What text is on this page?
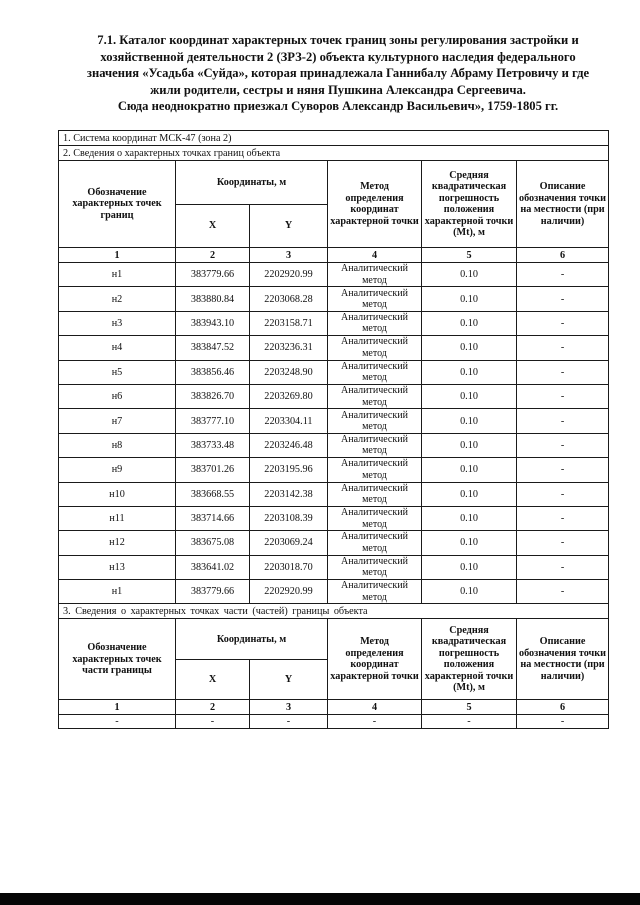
7.1. Каталог координат характерных точек границ зоны регулирования застройки и
хозяйственной деятельности 2 (ЗРЗ-2) объекта культурного наследия федерального
значения «Усадьба «Суйда», которая принадлежала Ганнибалу Абраму Петровичу и где
жили родители, сестры и няня Пушкина Александра Сергеевича.
Сюда неоднократно приезжал Суворов Александр Васильевич», 1759-1805 гг.
1. Система координат МСК-47 (зона 2)					
2. Сведения о характерных точках границ объекта					
Обозначение характерных точек границ	Координаты, м		Метод определения координат характерной точки	Средняя квадратическая погрешность положения характерной точки (Mt), м	Описание обозначения точки на местности (при наличии)
	X	Y			
1	2	3	4	5	6
н1	383779.66	2202920.99	Аналитический
метод	0.10	-
н2	383880.84	2203068.28	Аналитический
метод	0.10	-
н3	383943.10	2203158.71	Аналитический
метод	0.10	-
н4	383847.52	2203236.31	Аналитический
метод	0.10	-
н5	383856.46	2203248.90	Аналитический
метод	0.10	-
н6	383826.70	2203269.80	Аналитический
метод	0.10	-
н7	383777.10	2203304.11	Аналитический
метод	0.10	-
н8	383733.48	2203246.48	Аналитический
метод	0.10	-
н9	383701.26	2203195.96	Аналитический
метод	0.10	-
н10	383668.55	2203142.38	Аналитический
метод	0.10	-
н11	383714.66	2203108.39	Аналитический
метод	0.10	-
н12	383675.08	2203069.24	Аналитический
метод	0.10	-
н13	383641.02	2203018.70	Аналитический
метод	0.10	-
н1	383779.66	2202920.99	Аналитический
метод	0.10	-
3. Сведения о характерных точках части (частей) границы объекта					
Обозначение характерных точек части границы	Координаты, м		Метод определения координат характерной точки	Средняя квадратическая погрешность положения характерной точки (Mt), м	Описание обозначения точки на местности (при наличии)
	X	Y			
1	2	3	4	5	6
-	-	-	-	-	-
